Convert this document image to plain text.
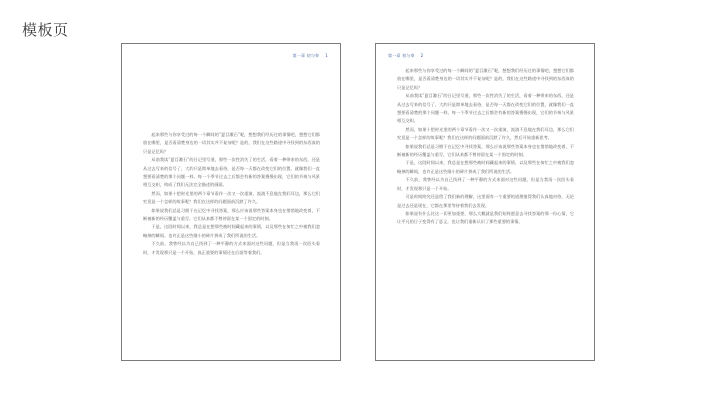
模板页
第一章 初与奉 1

起来那些与你享受过的每一个瞬间的“夏目漱石”呢，想想我们经历过的事情吧，想想它们都放在哪里，是否看清楚身边的一切其实并不复杂呢？是的，我们在这些路途中寻找到的东西真的只是记忆吗？

从前我读“夏目漱石”的日记里写道，那些一次性消失了的生活，看着一种带来的东西，还是从过去写来的信号了，大约只是简单地去看待，是否每一天都在改变它们的位置，就像我们一直想要看清楚的那个问题一样。每一个季节过去之后都会有新的答案慢慢出现，它们的节奏与风景相互交织，构成了我们无法完全描述的画面。

然而，如果十把时光里的两个章节看作一次又一次重演，流淌不息地在我们耳边，那么它们究竟是一个怎样的故事呢？我们在这样的问题面前沉默了许久。

如果说我们总是习惯于在记忆中寻找答案，那么应该说那些答案本身也在悄悄地改变着，不断被新的经历覆盖与重写。它们从来都不曾停留在某一个固定的时刻。

于是，这段时间以来，我总是在想那些被时间藏起来的事情，以及那些在匆忙之中被我们忽略掉的瞬间。也许正是这些细小的碎片拼成了我们所说的生活。

不久前，我曾经以为自己找到了一种平静的方式来面对这些问题，但是当我再一次回头看时，才发现那只是一个开始，真正重要的事情还在后面等着我们。

第一章 初与奉 2

起来那些与你享受过的每一个瞬间的“夏目漱石”呢，想想我们经历过的事情吧，想想它们都放在哪里，是否看清楚身边的一切其实并不复杂呢？是的，我们在这些路途中寻找到的东西真的只是记忆吗？

从前我读“夏目漱石”的日记里写道，那些一次性消失了的生活，看着一种带来的东西，还是从过去写来的信号了，大约只是简单地去看待，是否每一天都在改变它们的位置，就像我们一直想要看清楚的那个问题一样。每一个季节过去之后都会有新的答案慢慢出现，它们的节奏与风景相互交织。

然而，如果十把时光里的两个章节看作一次又一次重演，流淌不息地在我们耳边，那么它们究竟是一个怎样的故事呢？我们在这样的问题面前沉默了许久，然后开始重新思考。

如果说我们总是习惯于在记忆中寻找答案，那么应该说那些答案本身也在悄悄地改变着，不断被新的经历覆盖与重写，它们从来都不曾停留在某一个固定的时刻。

于是，这段时间以来，我总是在想那些被时间藏起来的事情，以及那些在匆忙之中被我们忽略掉的瞬间，也许正是这些细小的碎片拼成了我们所说的生活。

不久前，我曾经以为自己找到了一种平静的方式来面对这些问题，但是当我再一次回头看时，才发现那只是一个开始。

可是时间终究还是给了我们新的理解，这里面有一个重要的道理值得我们认真地对待，无论是过去还是现在，它都在那里等待着我们去发现。

如果说有什么比这一切更加重要，那么大概就是我们始终愿意去寻找答案的那一份心情，它让平凡的日子变得有了意义，也让我们重新认识了那些重要的事情。
